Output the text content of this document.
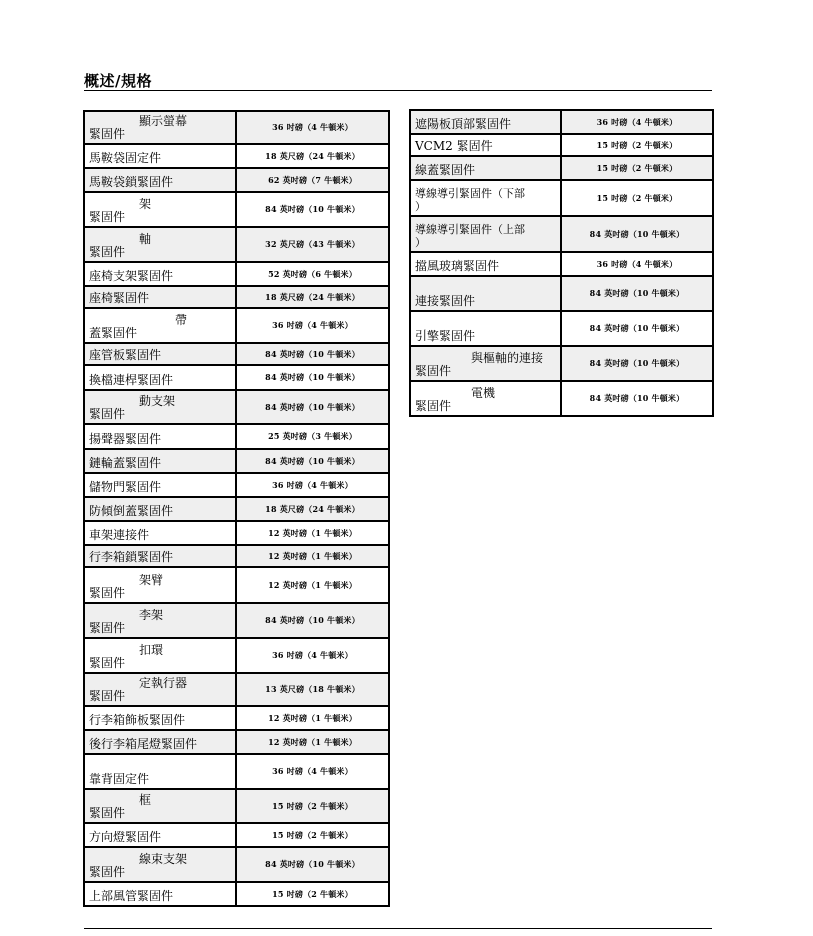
概述/規格
顯示螢幕
緊固件	36 吋磅（4 牛頓米）
馬鞍袋固定件	18 英尺磅（24 牛頓米）
馬鞍袋鎖緊固件	62 英吋磅（7 牛頓米）

架
緊固件	84 英吋磅（10 牛頓米）

軸
緊固件	32 英尺磅（43 牛頓米）
座椅支架緊固件	52 英吋磅（6 牛頓米）
座椅緊固件	18 英尺磅（24 牛頓米）

帶
蓋緊固件	36 吋磅（4 牛頓米）
座管板緊固件	84 英吋磅（10 牛頓米）
換檔連桿緊固件	84 英吋磅（10 牛頓米）

動支架
緊固件	84 英吋磅（10 牛頓米）
揚聲器緊固件	25 英吋磅（3 牛頓米）
鏈輪蓋緊固件	84 英吋磅（10 牛頓米）
儲物門緊固件	36 吋磅（4 牛頓米）
防傾倒蓋緊固件	18 英尺磅（24 牛頓米）
車架連接件	12 英吋磅（1 牛頓米）
行李箱鎖緊固件	12 英吋磅（1 牛頓米）

架臂
緊固件	12 英吋磅（1 牛頓米）

李架
緊固件	84 英吋磅（10 牛頓米）

扣環
緊固件	36 吋磅（4 牛頓米）

定執行器
緊固件	13 英尺磅（18 牛頓米）
行李箱飾板緊固件	12 英吋磅（1 牛頓米）
後行李箱尾燈緊固件	12 英吋磅（1 牛頓米）
靠背固定件	36 吋磅（4 牛頓米）

框
緊固件	15 吋磅（2 牛頓米）
方向燈緊固件	15 吋磅（2 牛頓米）

線束支架
緊固件	84 英吋磅（10 牛頓米）
上部風管緊固件	15 吋磅（2 牛頓米）
遮陽板頂部緊固件	36 吋磅（4 牛頓米）
VCM2 緊固件	15 吋磅（2 牛頓米）
線蓋緊固件	15 吋磅（2 牛頓米）
導線導引緊固件（下部
）	15 吋磅（2 牛頓米）
導線導引緊固件（上部
）	84 英吋磅（10 牛頓米）
擋風玻璃緊固件	36 吋磅（4 牛頓米）
連接緊固件	84 英吋磅（10 牛頓米）
引擎緊固件	84 英吋磅（10 牛頓米）

與樞軸的連接
緊固件	84 英吋磅（10 牛頓米）

電機
緊固件	84 英吋磅（10 牛頓米）
